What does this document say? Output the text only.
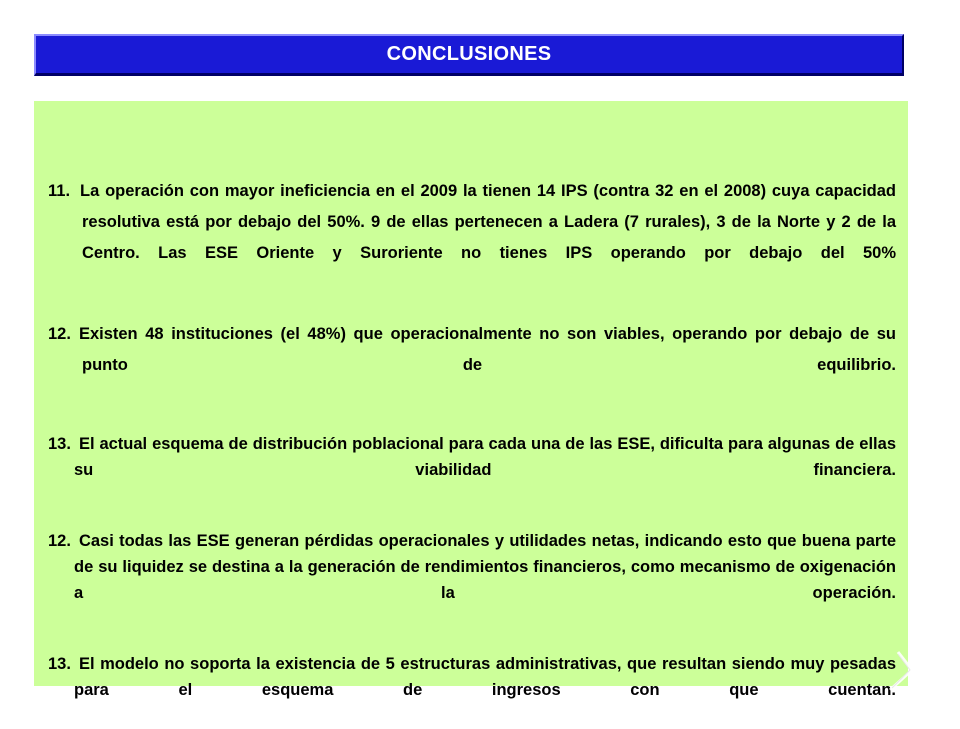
CONCLUSIONES
11. La operación con mayor ineficiencia en el 2009 la tienen 14 IPS (contra 32 en el 2008) cuya capacidad resolutiva está por debajo del 50%. 9 de ellas pertenecen a Ladera (7 rurales), 3 de la Norte y 2 de la Centro. Las ESE Oriente y Suroriente no tienes IPS operando por debajo del 50%
12. Existen 48 instituciones (el 48%) que operacionalmente no son viables, operando por debajo de su punto de equilibrio.
13. El actual esquema de distribución poblacional para cada una de las ESE, dificulta para algunas de ellas su viabilidad financiera.
12. Casi todas las ESE generan pérdidas operacionales y utilidades netas, indicando esto que buena parte de su liquidez se destina a la generación de rendimientos financieros, como mecanismo de oxigenación a la operación.
13. El modelo no soporta la existencia de 5 estructuras administrativas, que resultan siendo muy pesadas para el esquema de ingresos con que cuentan.
